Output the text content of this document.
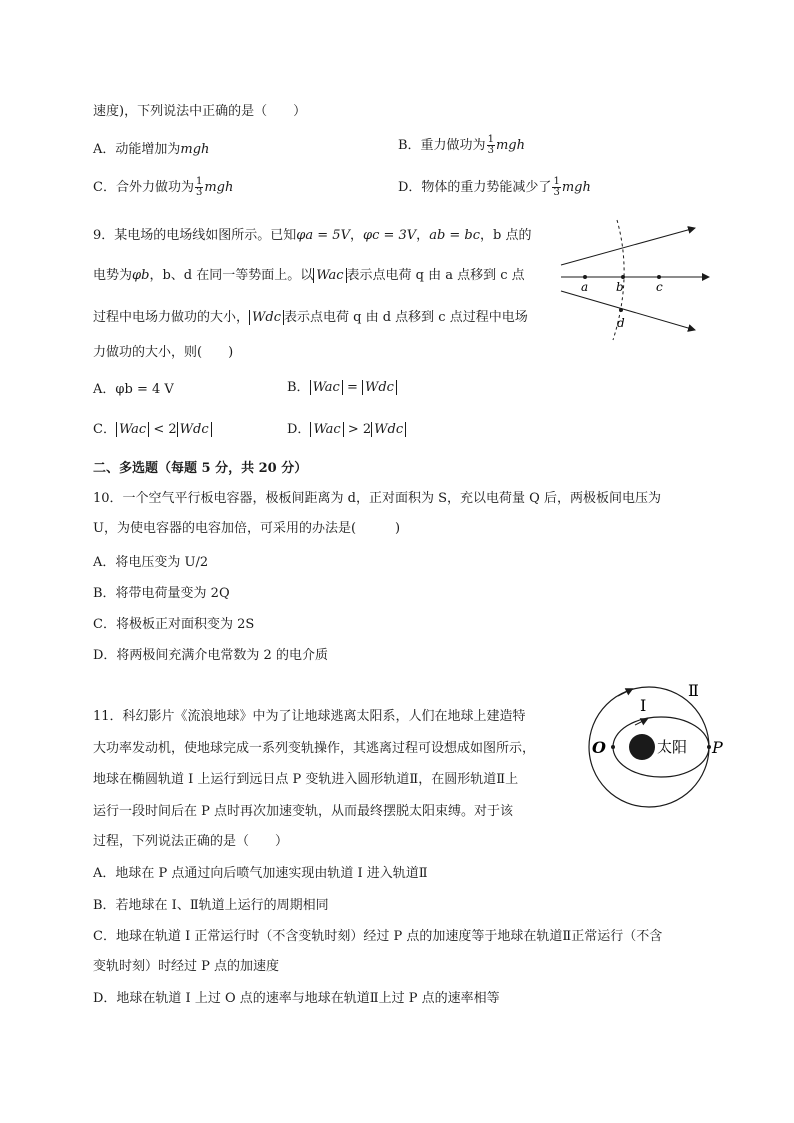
速度)，下列说法中正确的是（　　）
A．动能增加为mgh	B．重力做功为 $\frac{1}{3}$ mgh
C．合外力做功为 $\frac{1}{3}$ mgh	D．物体的重力势能减少了 $\frac{1}{3}$ mgh
9．某电场的电场线如图所示。已知φa = 5V，φc = 3V，ab = bc，b 点的
电势为φb，b、d 在同一等势面上。以 Wac 表示点电荷 q 由 a 点移到 c 点
过程中电场力做功的大小， Wdc 表示点电荷 q 由 d 点移到 c 点过程中电场
力做功的大小，则(　　)
A．φb = 4 V	B． Wac = Wdc
C． Wac < 2 Wdc	D． Wac > 2 Wdc
a b	c
d
二、多选题（每题 5 分，共 20 分）
10．一个空气平行板电容器，极板间距离为 d，正对面积为 S，充以电荷量 Q 后，两极板间电压为
U，为使电容器的电容加倍，可采用的办法是(　　　)
A．将电压变为 U/2
B．将带电荷量变为 2Q
C．将极板正对面积变为 2S
D．将两极间充满介电常数为 2 的电介质
11．科幻影片《流浪地球》中为了让地球逃离太阳系，人们在地球上建造特
大功率发动机，使地球完成一系列变轨操作，其逃离过程可设想成如图所示，
地球在椭圆轨道 I 上运行到远日点 P 变轨进入圆形轨道Ⅱ，在圆形轨道Ⅱ上
运行一段时间后在 P 点时再次加速变轨，从而最终摆脱太阳束缚。对于该
过程，下列说法正确的是（　　）
A．地球在 P 点通过向后喷气加速实现由轨道 I 进入轨道Ⅱ
B．若地球在 I、Ⅱ轨道上运行的周期相同
C．地球在轨道 I 正常运行时（不含变轨时刻）经过 P 点的加速度等于地球在轨道Ⅱ正常运行（不含
变轨时刻）时经过 P 点的加速度
D．地球在轨道 I 上过 O 点的速率与地球在轨道Ⅱ上过 P 点的速率相等
太阳
O	P
I
Ⅱ
